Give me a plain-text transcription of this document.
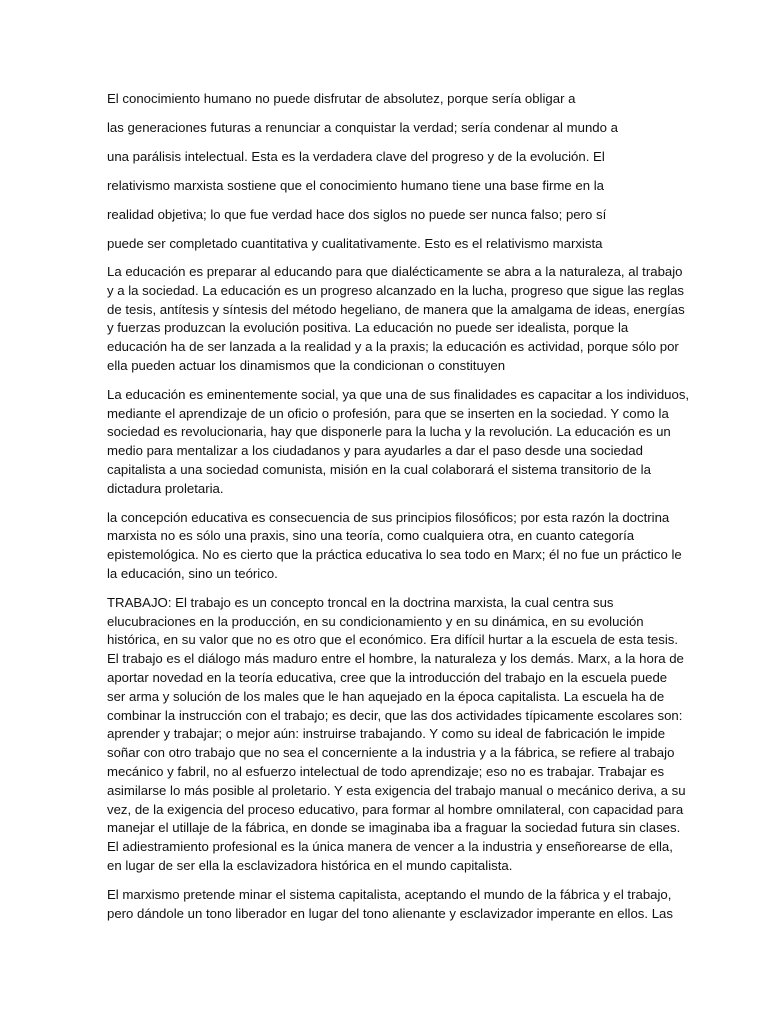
El conocimiento humano no puede disfrutar de absolutez, porque sería obligar a
las generaciones futuras a renunciar a conquistar la verdad; sería condenar al mundo a
una parálisis intelectual. Esta es la verdadera clave del progreso y de la evolución. El
relativismo marxista sostiene que el conocimiento humano tiene una base firme en la
realidad objetiva; lo que fue verdad hace dos siglos no puede ser nunca falso; pero sí
puede ser completado cuantitativa y cualitativamente. Esto es el relativismo marxista
La educación es preparar al educando para que dialécticamente se abra a la naturaleza, al trabajo
y a la sociedad. La educación es un progreso alcanzado en la lucha, progreso que sigue las reglas
de tesis, antítesis y síntesis del método hegeliano, de manera que la amalgama de ideas, energías
y fuerzas produzcan la evolución positiva. La educación no puede ser idealista, porque la
educación ha de ser lanzada a la realidad y a la praxis; la educación es actividad, porque sólo por
ella pueden actuar los dinamismos que la condicionan o constituyen
La educación es eminentemente social, ya que una de sus finalidades es capacitar a los individuos,
mediante el aprendizaje de un oficio o profesión, para que se inserten en la sociedad. Y como la
sociedad es revolucionaria, hay que disponerle para la lucha y la revolución. La educación es un
medio para mentalizar a los ciudadanos y para ayudarles a dar el paso desde una sociedad
capitalista a una sociedad comunista, misión en la cual colaborará el sistema transitorio de la
dictadura proletaria.
la concepción educativa es consecuencia de sus principios filosóficos; por esta razón la doctrina
marxista no es sólo una praxis, sino una teoría, como cualquiera otra, en cuanto categoría
epistemológica. No es cierto que la práctica educativa lo sea todo en Marx; él no fue un práctico le
la educación, sino un teórico.
TRABAJO: El trabajo es un concepto troncal en la doctrina marxista, la cual centra sus
elucubraciones en la producción, en su condicionamiento y en su dinámica, en su evolución
histórica, en su valor que no es otro que el económico. Era difícil hurtar a la escuela de esta tesis.
El trabajo es el diálogo más maduro entre el hombre, la naturaleza y los demás. Marx, a la hora de
aportar novedad en la teoría educativa, cree que la introducción del trabajo en la escuela puede
ser arma y solución de los males que le han aquejado en la época capitalista. La escuela ha de
combinar la instrucción con el trabajo; es decir, que las dos actividades típicamente escolares son:
aprender y trabajar; o mejor aún: instruirse trabajando. Y como su ideal de fabricación le impide
soñar con otro trabajo que no sea el concerniente a la industria y a la fábrica, se refiere al trabajo
mecánico y fabril, no al esfuerzo intelectual de todo aprendizaje; eso no es trabajar. Trabajar es
asimilarse lo más posible al proletario. Y esta exigencia del trabajo manual o mecánico deriva, a su
vez, de la exigencia del proceso educativo, para formar al hombre omnilateral, con capacidad para
manejar el utillaje de la fábrica, en donde se imaginaba iba a fraguar la sociedad futura sin clases.
El adiestramiento profesional es la única manera de vencer a la industria y enseñorearse de ella,
en lugar de ser ella la esclavizadora histórica en el mundo capitalista.
El marxismo pretende minar el sistema capitalista, aceptando el mundo de la fábrica y el trabajo,
pero dándole un tono liberador en lugar del tono alienante y esclavizador imperante en ellos. Las
